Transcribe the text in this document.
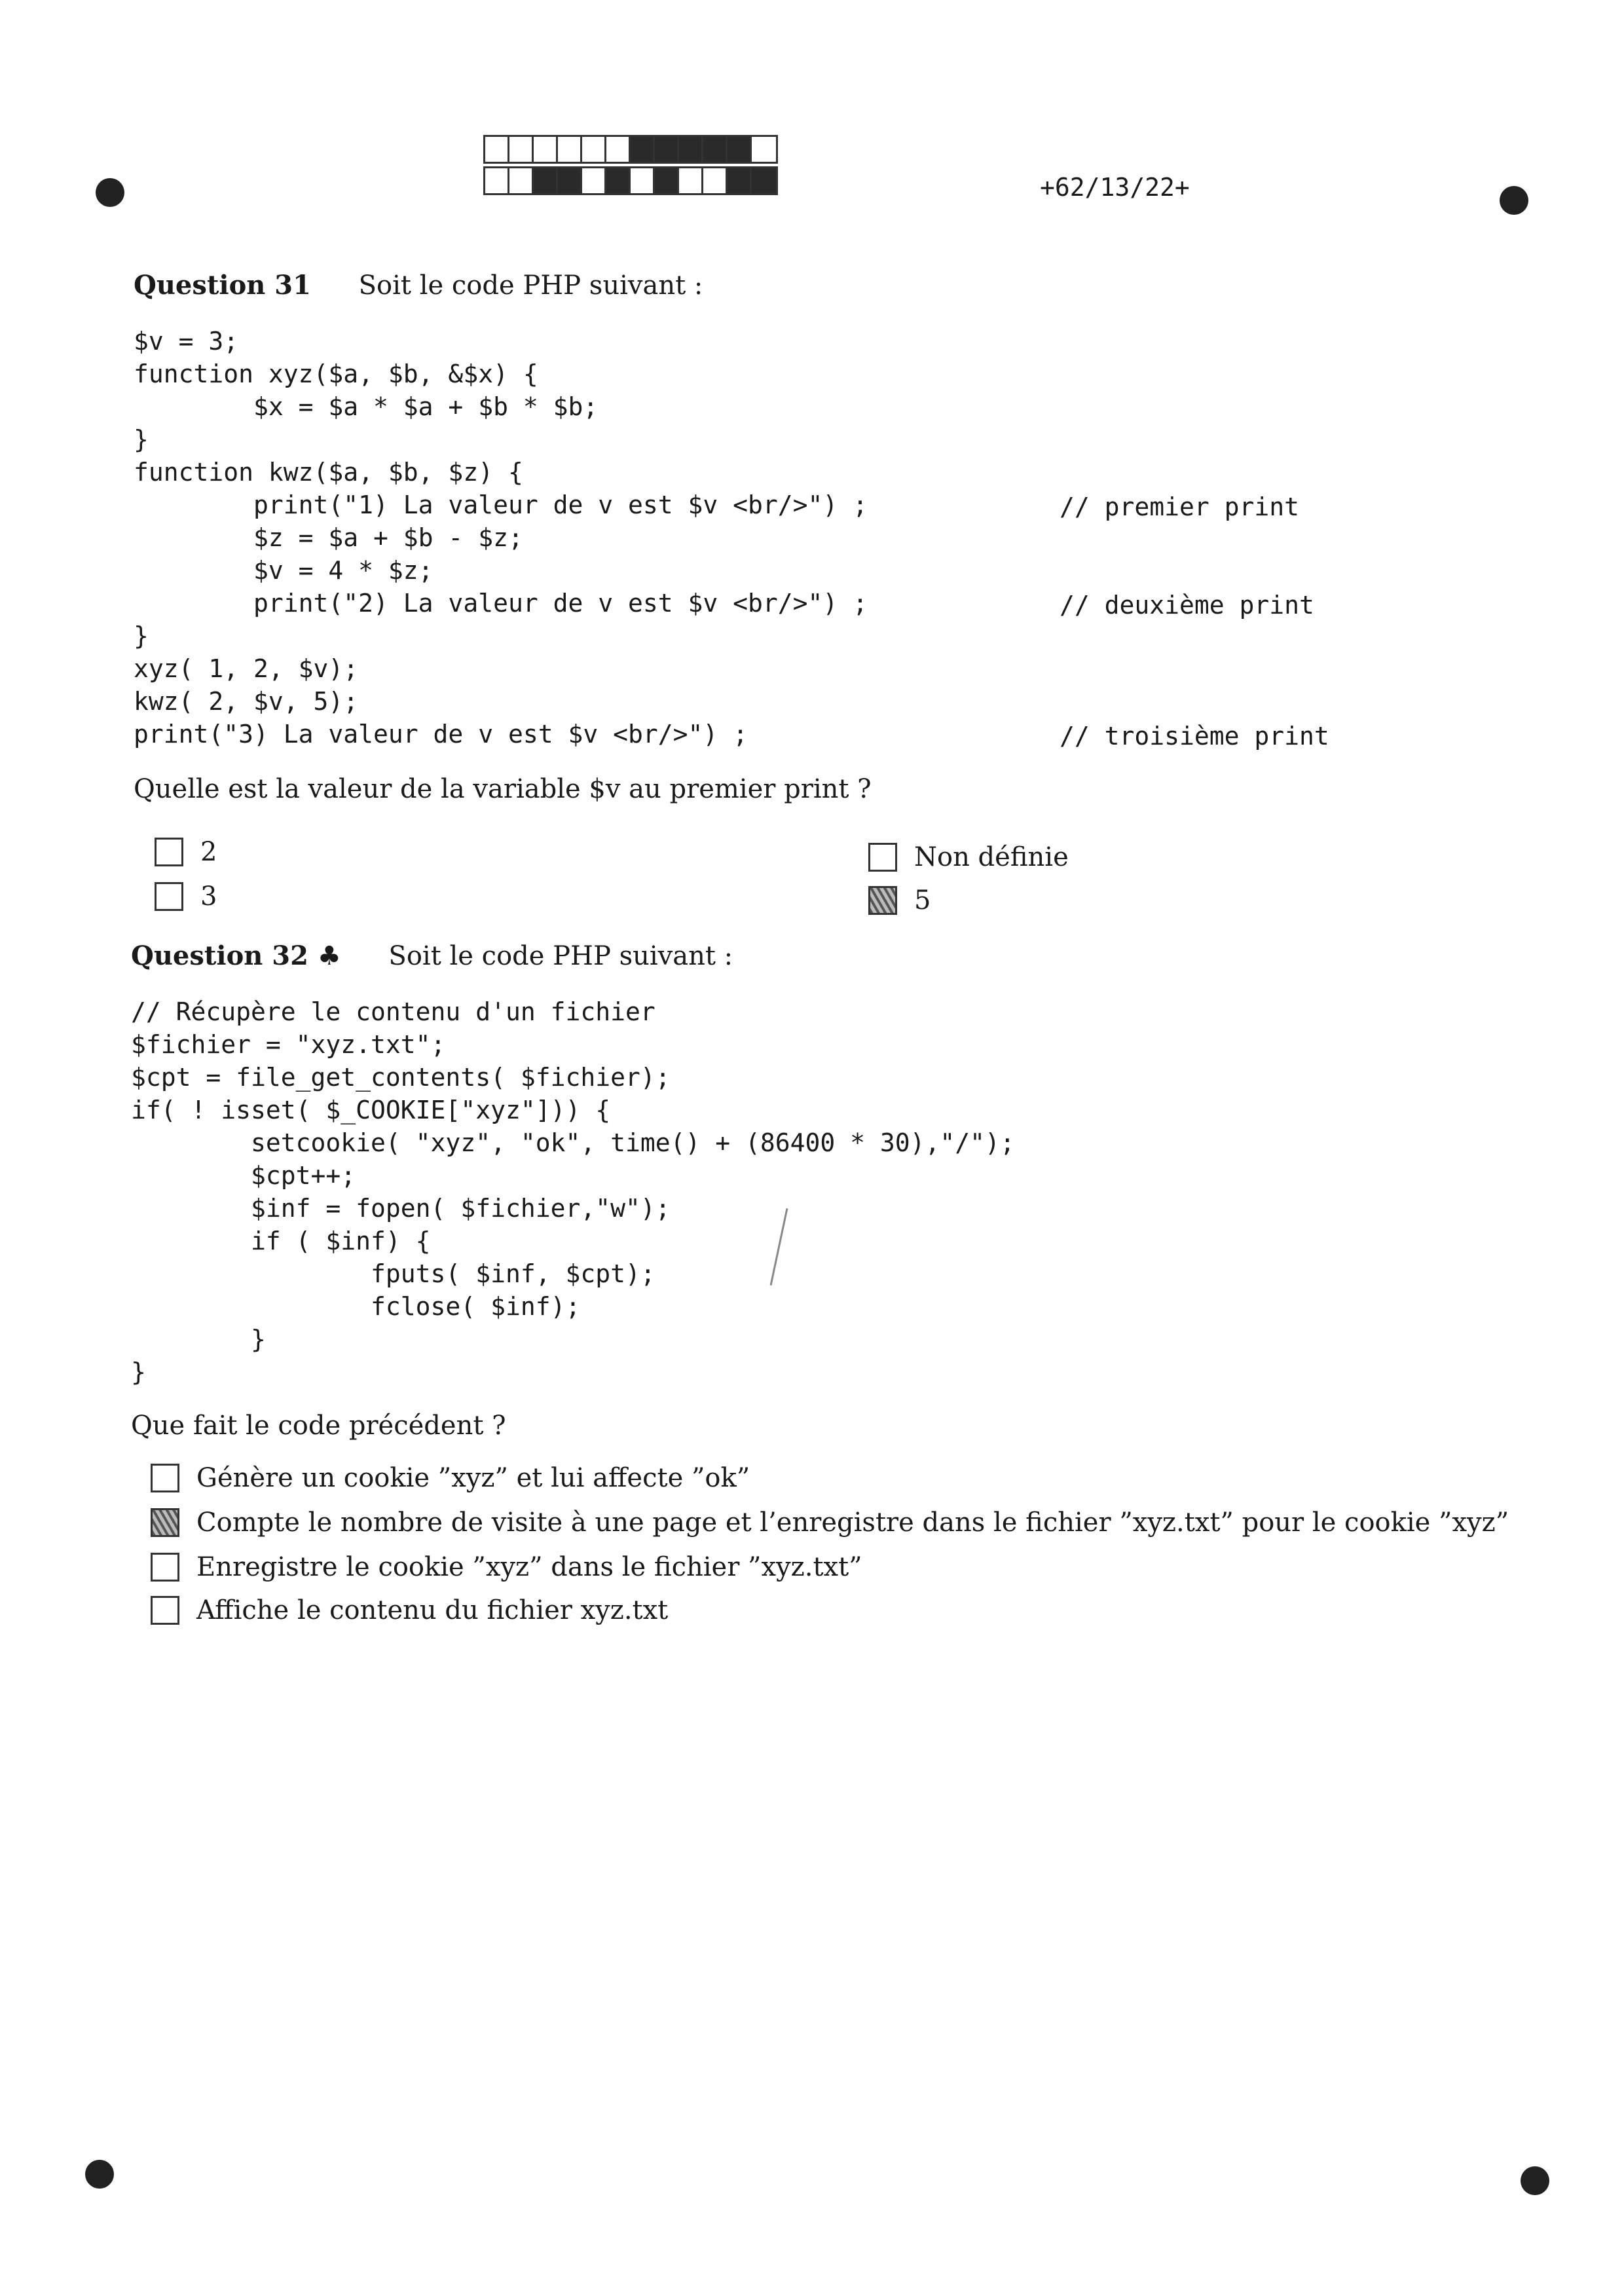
+62/13/22+
Question 31 Soit le code PHP suivant :
$v = 3;
function xyz($a, $b, &$x) {
$x = $a * $a + $b * $b;
}
function kwz($a, $b, $z) {
print("1) La valeur de v est $v <br/>") ;
$z = $a + $b - $z;
$v = 4 * $z;
print("2) La valeur de v est $v <br/>") ;
}
xyz( 1, 2, $v);
kwz( 2, $v, 5);
print("3) La valeur de v est $v <br/>") ;
// premier print
// deuxième print
// troisième print
Quelle est la valeur de la variable $v au premier print ?
2
3
Non définie
5
Question 32 ♣ Soit le code PHP suivant :
// Récupère le contenu d'un fichier
$fichier = "xyz.txt";
$cpt = file_get_contents( $fichier);
if( ! isset( $_COOKIE["xyz"])) {
setcookie( "xyz", "ok", time() + (86400 * 30),"/");
$cpt++;
$inf = fopen( $fichier,"w");
if ( $inf) {
fputs( $inf, $cpt);
fclose( $inf);
}
}
Que fait le code précédent ?
Génère un cookie ”xyz” et lui affecte ”ok”
Compte le nombre de visite à une page et l’enregistre dans le fichier ”xyz.txt” pour le cookie ”xyz”
Enregistre le cookie ”xyz” dans le fichier ”xyz.txt”
Affiche le contenu du fichier xyz.txt
